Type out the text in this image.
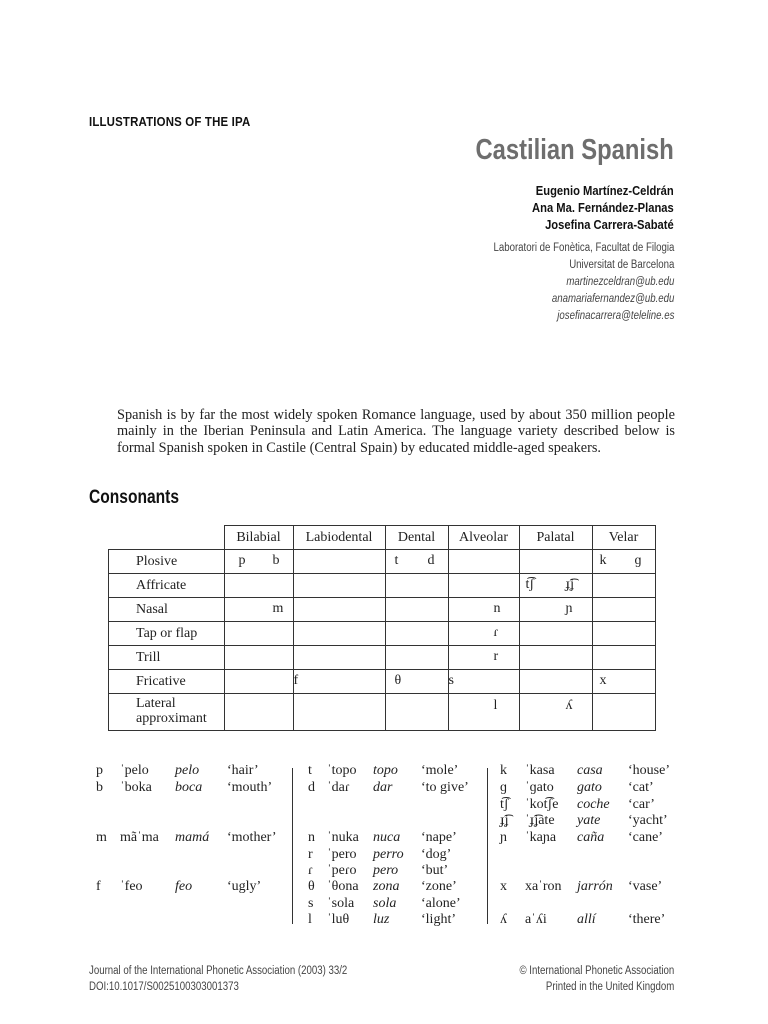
ILLUSTRATIONS OF THE IPA
Castilian Spanish
Eugenio Martínez-Celdrán
Ana Ma. Fernández-Planas
Josefina Carrera-Sabaté
Laboratori de Fonètica, Facultat de Filogia
Universitat de Barcelona
martinezceldran@ub.edu
anamariafernandez@ub.edu
josefinacarrera@teleline.es
Spanish is by far the most widely spoken Romance language, used by about 350 million people mainly in the Iberian Peninsula and Latin America. The language variety described below is formal Spanish spoken in Castile (Central Spain) by educated middle-aged speakers.
Consonants
	Bilabial	Labiodental	Dental	Alveolar	Palatal	Velar
Plosive	p b		t d			k ɡ

Affricate					t͡ʃ ɟ͡ʝ	

Nasal	m			n	ɲ	

Tap or flap				ɾ		

Trill				r		

Fricative		f	θ	s		x

Lateral
approximant				l	ʎ	

p ˈpelo pelo ‘hair’
b ˈboka boca ‘mouth’
m mãˈma mamá ‘mother’
f ˈfeo feo ‘ugly’
t ˈtopo topo ‘mole’
d ˈdaɾ dar ‘to give’
n ˈnuka nuca ‘nape’
r ˈpero perro ‘dog’
ɾ ˈpeɾo pero ‘but’
θ ˈθona zona ‘zone’
s ˈsola sola ‘alone’
l ˈluθ luz ‘light’
k ˈkasa casa ‘house’
ɡ ˈɡato gato ‘cat’
t͡ʃ ˈkot͡ʃe coche ‘car’
ɟ͡ʝ ˈɟ͡ʝate yate ‘yacht’
ɲ ˈkaɲa caña ‘cane’
x xaˈron jarrón ‘vase’
ʎ aˈʎi allí ‘there’
Journal of the International Phonetic Association (2003) 33/2
DOI:10.1017/S0025100303001373
© International Phonetic Association
Printed in the United Kingdom
